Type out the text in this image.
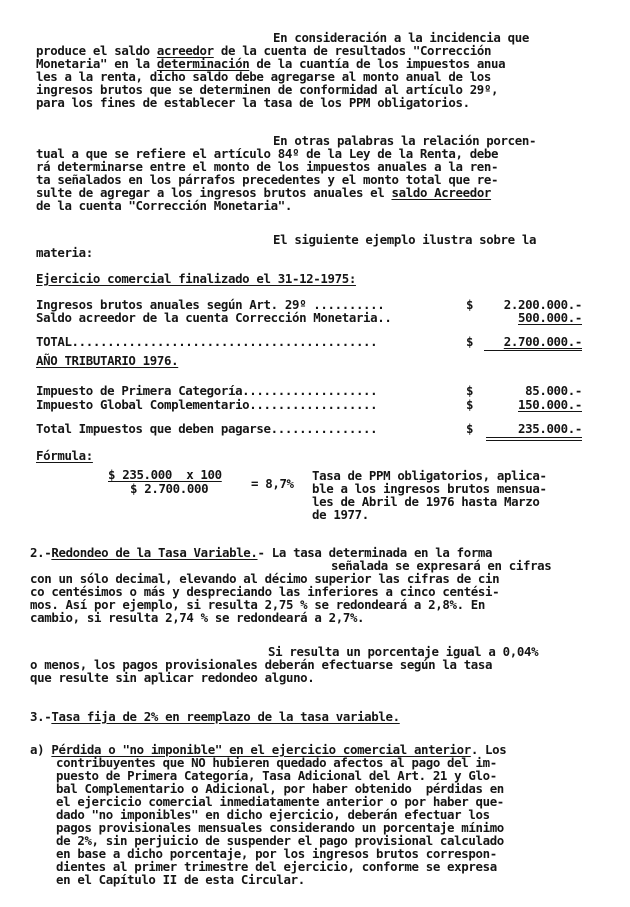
En consideración a la incidencia que
produce el saldo acreedor de la cuenta de resultados "Corrección
Monetaria" en la determinación de la cuantía de los impuestos anua
les a la renta, dicho saldo debe agregarse al monto anual de los
ingresos brutos que se determinen de conformidad al artículo 29º,
para los fines de establecer la tasa de los PPM obligatorios.
En otras palabras la relación porcen-
tual a que se refiere el artículo 84º de la Ley de la Renta, debe
rá determinarse entre el monto de los impuestos anuales a la ren-
ta señalados en los párrafos precedentes y el monto total que re-
sulte de agregar a los ingresos brutos anuales el saldo Acreedor
de la cuenta "Corrección Monetaria".
El siguiente ejemplo ilustra sobre la
materia:
Ejercicio comercial finalizado el 31-12-1975:
Ingresos brutos anuales según Art. 29º ..........	$ 2.200.000.-
Saldo acreedor de la cuenta Corrección Monetaria..	500.000.-
TOTAL...........................................	$ 2.700.000.-
AÑO TRIBUTARIO 1976.
Impuesto de Primera Categoría...................	$	85.000.-
Impuesto Global Complementario..................	$	150.000.-
Total Impuestos que deben pagarse...............	$	235.000.-
Fórmula:
$ 235.000  x 100
$ 2.700.000	= 8,7%
Tasa de PPM obligatorios, aplica-
ble a los ingresos brutos mensua-
les de Abril de 1976 hasta Marzo
de 1977.
2.-Redondeo de la Tasa Variable.- La tasa determinada en la forma
señalada se expresará en cifras
con un sólo decimal, elevando al décimo superior las cifras de cin
co centésimos o más y despreciando las inferiores a cinco centési-
mos. Así por ejemplo, si resulta 2,75 % se redondeará a 2,8%. En
cambio, si resulta 2,74 % se redondeará a 2,7%.
Si resulta un porcentaje igual a 0,04%
o menos, los pagos provisionales deberán efectuarse según la tasa
que resulte sin aplicar redondeo alguno.
3.-Tasa fija de 2% en reemplazo de la tasa variable.
a) Pérdida o "no imponible" en el ejercicio comercial anterior. Los
contribuyentes que NO hubieren quedado afectos al pago del im-
puesto de Primera Categoría, Tasa Adicional del Art. 21 y Glo-
bal Complementario o Adicional, por haber obtenido  pérdidas en
el ejercicio comercial inmediatamente anterior o por haber que-
dado "no imponibles" en dicho ejercicio, deberán efectuar los
pagos provisionales mensuales considerando un porcentaje mínimo
de 2%, sin perjuicio de suspender el pago provisional calculado
en base a dicho porcentaje, por los ingresos brutos correspon-
dientes al primer trimestre del ejercicio, conforme se expresa
en el Capítulo II de esta Circular.
